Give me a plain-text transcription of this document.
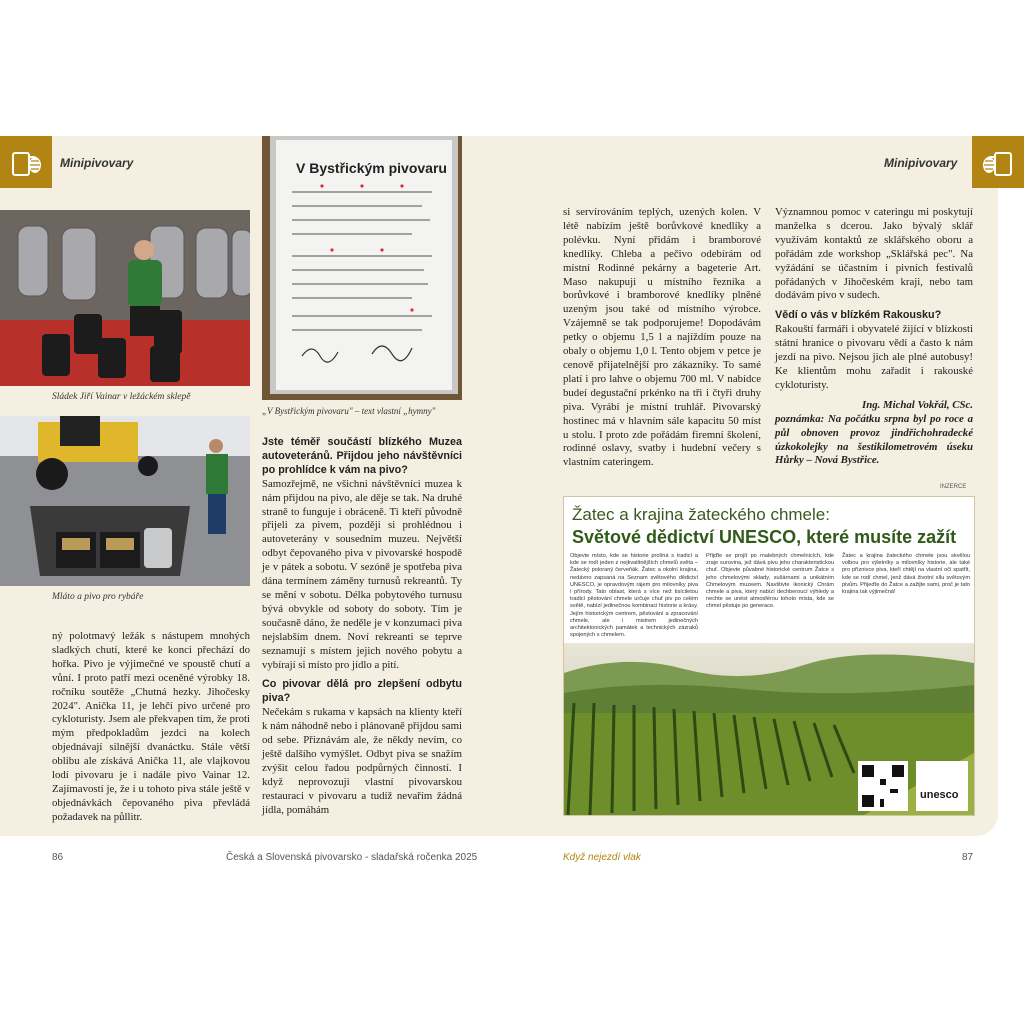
Minipivovary	Minipivovary
Sládek Jiří Vainar v ležáckém sklepě
V Bystřickým pivovaru
„V Bystřickým pivovaru" – text vlastní „hymny"
Mláto a pivo pro rybáře

ný polotmavý ležák s nástupem mnohých sladkých chutí, které ke konci přechází do hořka. Pivo je výjimečné ve spoustě chutí a vůní. I proto patří mezi oceněné výrobky 18. ročníku soutěže „Chutná hezky. Jihočesky 2024". Anička 11, je lehčí pivo určené pro cykloturisty. Jsem ale překvapen tím, že proti mým předpokladům jezdci na kolech objednávají silnější dvanáctku. Stále větší oblibu ale získává Anička 11, ale vlajkovou lodí pivovaru je i nadále pivo Vainar 12. Zajímavostí je, že i u tohoto piva stále ještě v objednávkách čepovaného piva převládá požadavek na půllitr.

Jste téměř součástí blízkého Muzea autoveteránů. Přijdou jeho návštěvníci po prohlídce k vám na pivo?

Samozřejmě, ne všichni návštěvníci muzea k nám přijdou na pivo, ale děje se tak. Na druhé straně to funguje i obráceně. Ti kteří původně přijeli za pivem, později si prohlédnou i autoveterány v sousedním muzeu. Největší odbyt čepovaného piva v pivovarské hospodě je v pátek a sobotu. V sezóně je spotřeba piva dána termínem záměny turnusů rekreantů. Ty se mění v sobotu. Délka pobytového turnusu bývá obvykle od soboty do soboty. Tím je současně dáno, že neděle je v konzumaci piva nejslabším dnem. Noví rekreanti se teprve seznamují s místem jejich nového pobytu a vybírají si místo pro jídlo a pití.

Co pivovar dělá pro zlepšení odbytu piva?

Nečekám s rukama v kapsách na klienty kteří k nám náhodně nebo i plánovaně přijdou sami od sebe. Přiznávám ale, že někdy nevím, co ještě dalšího vymýšlet. Odbyt piva se snažím zvýšit celou řadou podpůrných činností. I když neprovozuji vlastní pivovarskou restauraci v pivovaru a tudíž nevařím žádná jídla, pomáhám

si servírováním teplých, uzených kolen. V létě nabízím ještě borůvkové knedlíky a polévku. Nyní přidám i bramborové knedlíky. Chleba a pečivo odebírám od místní Rodinné pekárny a bageterie Art. Maso nakupuji u místního řezníka a borůvkové i bramborové knedlíky plněné uzeným jsou také od místního výrobce. Vzájemně se tak podporujeme! Dopodávám petky o objemu 1,5 l a najíždím pouze na obaly o objemu 1,0 l. Tento objem v petce je cenově přijatelnější pro zákazníky. To samé platí i pro lahve o objemu 700 ml. V nabídce budeí degustační prkénko na tři i čtyři druhy piva. Vyrábí je místní truhlář. Pivovarský hostinec má v hlavním sále kapacitu 50 míst u stolu. I proto zde pořádám firemní školení, rodinné oslavy, svatby i hudební večery s vlastním cateringem.

Významnou pomoc v cateringu mi poskytují manželka s dcerou. Jako bývalý sklář využívám kontaktů ze sklářského oboru a pořádám zde workshop „Sklářská pec". Na vyžádání se účastním i pivních festivalů pořádaných v Jihočeském kraji, nebo tam dodávám pivo v sudech.

Vědí o vás v blízkém Rakousku?

Rakouští farmáři i obyvatelé žijící v blízkosti státní hranice o pivovaru vědí a často k nám jezdí na pivo. Nejsou jich ale plné autobusy! Ke klientům mohu zařadit i rakouské cykloturisty.

Ing. Michal Vokřál, CSc.

poznámka: Na počátku srpna byl po roce a půl obnoven provoz jindřichohradecké úzkokolejky na šestikilometrovém úseku Hůrky – Nová Bystřice.

INZERCE
Žatec a krajina žateckého chmele:
Světové dědictví UNESCO, které musíte zažít
Objevte místo, kde se historie prolíná s tradicí a kde se rodí jeden z nejkvalitnějších chmelů světa – Žatecký poloraný červeňák. Žatec a okolní krajina, nedávno zapsaná na Seznam světového dědictví UNESCO, je opravdovým rájem pro milovníky piva i přírody. Tato oblast, která s více než tisíciletou tradicí pěstování chmele určuje chuť piv po celém světě, nabízí jedinečnou kombinaci historie a krásy. Jejím historickým centrem, pěstování a zpracování chmele, ale i mistrem jedinečných architektonických památek a technických zázraků spojených s chmelem.
Přijďte se projít po malebných chmelnicích, kde zraje surovina, jež dává pivu jeho charakteristickou chuť. Objevte půvabné historické centrum Žatce s jeho chmelovými sklady, sušárnami a unikátním Chmelovým muzeem. Navštivte ikonický Chrám chmele a piva, který nabízí dechberoucí výhledy a nechte se unést atmosférou tohoto místa, kde se chmel pěstuje po generace.
Žatec a krajina žateckého chmele jsou skvělou volbou pro výletníky a milovníky historie, ale také pro příznivce piva, kteří chtějí na vlastní oči spatřit, kde se rodí chmel, jenž dává životní sílu světovým pivům. Přijeďte do Žatce a zažijte sami, proč je tato krajina tak výjimečná!
unesco
86	Česká a Slovenská pivovarsko - sladařská ročenka 2025	Když nejezdí vlak	87
